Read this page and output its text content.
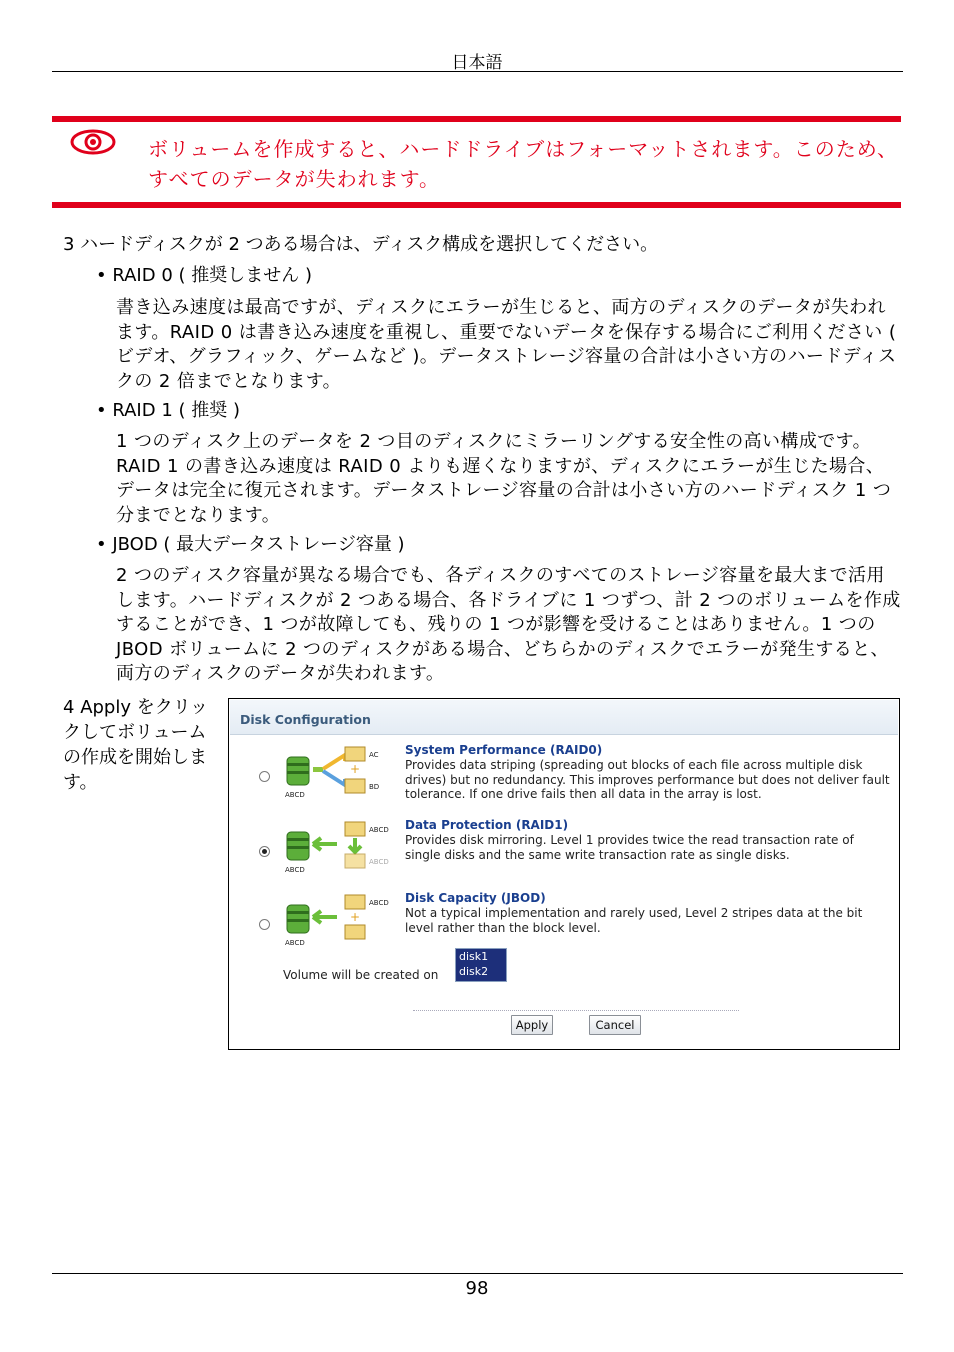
日本語
ボリュームを作成すると、ハードドライブはフォーマットされます。このため、すべてのデータが失われます。
3 ハードディスクが 2 つある場合は、ディスク構成を選択してください。
• RAID 0 ( 推奨しません )
書き込み速度は最高ですが、ディスクにエラーが生じると、両方のディスクのデータが失われます。RAID 0 は書き込み速度を重視し、重要でないデータを保存する場合にご利用ください ( ビデオ、グラフィック、ゲームなど )。データストレージ容量の合計は小さい方のハードディスクの 2 倍までとなります。
• RAID 1 ( 推奨 )
1 つのディスク上のデータを 2 つ目のディスクにミラーリングする安全性の高い構成です。RAID 1 の書き込み速度は RAID 0 よりも遅くなりますが、ディスクにエラーが生じた場合、データは完全に復元されます。データストレージ容量の合計は小さい方のハードディスク 1 つ分までとなります。
• JBOD ( 最大データストレージ容量 )
2 つのディスク容量が異なる場合でも、各ディスクのすべてのストレージ容量を最大まで活用します。ハードディスクが 2 つある場合、各ドライブに 1 つずつ、計 2 つのボリュームを作成することができ、1 つが故障しても、残りの 1 つが影響を受けることはありません。1 つの JBOD ボリュームに 2 つのディスクがある場合、どちらかのディスクでエラーが発生すると、両方のディスクのデータが失われます。
4 Apply をクリックしてボリュームの作成を開始します。
Disk Configuration
+
AC
BD
ABCD
System Performance (RAID0)
Provides data striping (spreading out blocks of each file across multiple disk drives) but no redundancy. This improves performance but does not deliver fault tolerance. If one drive fails then all data in the array is lost.
ABCD
ABCD
ABCD
Data Protection (RAID1)
Provides disk mirroring. Level 1 provides twice the read transaction rate of single disks and the same write transaction rate as single disks.
+
ABCD
ABCD
Disk Capacity (JBOD)
Not a typical implementation and rarely used, Level 2 stripes data at the bit level rather than the block level.
Volume will be created on
disk1
disk2
Apply	Cancel
98
